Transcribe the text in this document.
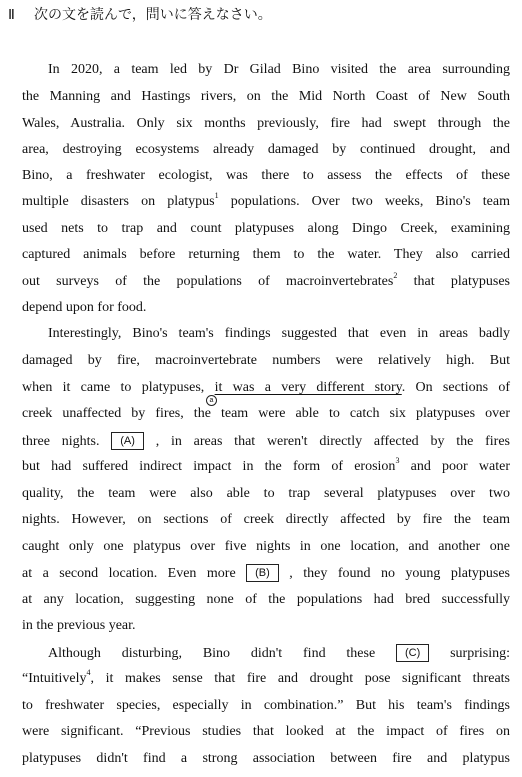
Ⅱ 次の文を読んで，問いに答えなさい。
In 2020, a team led by Dr Gilad Bino visited the area surrounding
the Manning and Hastings rivers, on the Mid North Coast of New South
Wales, Australia. Only six months previously, fire had swept through the
area, destroying ecosystems already damaged by continued drought, and
Bino, a freshwater ecologist, was there to assess the effects of these
multiple disasters on platypus$^1$ populations. Over two weeks, Bino's team
used nets to trap and count platypuses along Dingo Creek, examining
captured animals before returning them to the water. They also carried
out surveys of the populations of macroinvertebrates$^2$ that platypuses
depend upon for food.
Interestingly, Bino's team's findings suggested that even in areas badly
damaged by fire, macroinvertebrate numbers were relatively high. But
when it came to platypuses, it was a very different story. On sections of
creek unaffected by fires, the team were able to catch six platypuses over
three nights. (A) , in areas that weren't directly affected by the fires
but had suffered indirect impact in the form of erosion$^3$ and poor water
quality, the team were also able to trap several platypuses over two
nights. However, on sections of creek directly affected by fire the team
caught only one platypus over five nights in one location, and another one
at a second location. Even more (B) , they found no young platypuses
at any location, suggesting none of the populations had bred successfully
in the previous year.
Although disturbing, Bino didn't find these (C) surprising:
“Intuitively$^4$, it makes sense that fire and drought pose significant threats
to freshwater species, especially in combination.” But his team's findings
were significant. “Previous studies that looked at the impact of fires on
platypuses didn't find a strong association between fire and platypus
a
